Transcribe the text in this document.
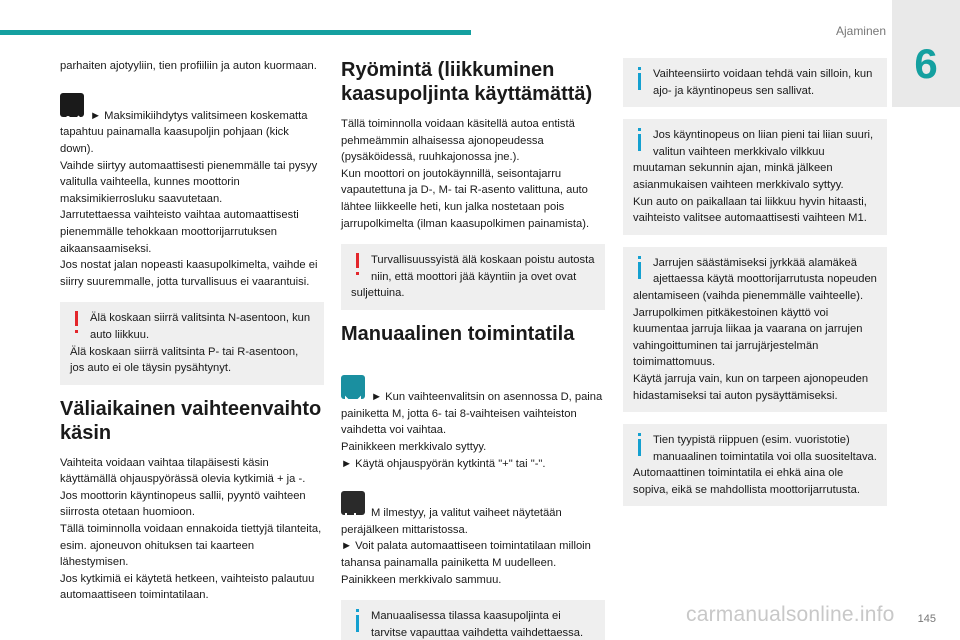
Ajaminen
6
parhaiten ajotyyliin, tien profiiliin ja auton kuormaan.

► Maksimikiihdytys valitsimeen koskematta tapahtuu painamalla kaasupoljin pohjaan (kick down).
Vaihde siirtyy automaattisesti pienemmälle tai pysyy valitulla vaihteella, kunnes moottorin maksimikierrosluku saavutetaan.
Jarrutettaessa vaihteisto vaihtaa automaattisesti pienemmälle tehokkaan moottorijarrutuksen aikaansaamiseksi.
Jos nostat jalan nopeasti kaasupolkimelta, vaihde ei siirry suuremmalle, jotta turvallisuus ei vaarantuisi.

Älä koskaan siirrä valitsinta N-asentoon, kun auto liikkuu.
Älä koskaan siirrä valitsinta P- tai R-asentoon, jos auto ei ole täysin pysähtynyt.
Väliaikainen vaihteenvaihto käsin
Vaihteita voidaan vaihtaa tilapäisesti käsin käyttämällä ohjauspyörässä olevia kytkimiä + ja -. Jos moottorin käyntinopeus sallii, pyyntö vaihteen siirrosta otetaan huomioon.
Tällä toiminnolla voidaan ennakoida tiettyjä tilanteita, esim. ajoneuvon ohituksen tai kaarteen lähestymisen.
Jos kytkimiä ei käytetä hetkeen, vaihteisto palautuu automaattiseen toimintatilaan.
Ryömintä (liikkuminen kaasupoljinta käyttämättä)
Tällä toiminnolla voidaan käsitellä autoa entistä pehmeämmin alhaisessa ajonopeudessa (pysäköidessä, ruuhkajonossa jne.).
Kun moottori on joutokäynnillä, seisontajarru vapautettuna ja D-, M- tai R-asento valittuna, auto lähtee liikkeelle heti, kun jalka nostetaan pois jarrupolkimelta (ilman kaasupolkimen painamista).
Turvallisuussyistä älä koskaan poistu autosta niin, että moottori jää käyntiin ja ovet ovat suljettuina.
Manuaalinen toimintatila

► Kun vaihteenvalitsin on asennossa D, paina painiketta M, jotta 6- tai 8-vaihteisen vaihteiston vaihdetta voi vaihtaa.
Painikkeen merkkivalo syttyy.
► Käytä ohjauspyörän kytkintä "+" tai "-".

M ilmestyy, ja valitut vaiheet näytetään peräjälkeen mittaristossa.
► Voit palata automaattiseen toimintatilaan milloin tahansa painamalla painiketta M uudelleen.
Painikkeen merkkivalo sammuu.

Manuaalisessa tilassa kaasupoljinta ei tarvitse vapauttaa vaihdetta vaihdettaessa.
Vaihteensiirto voidaan tehdä vain silloin, kun ajo- ja käyntinopeus sen sallivat.
Jos käyntinopeus on liian pieni tai liian suuri, valitun vaihteen merkkivalo vilkkuu muutaman sekunnin ajan, minkä jälkeen asianmukaisen vaihteen merkkivalo syttyy.
Kun auto on paikallaan tai liikkuu hyvin hitaasti, vaihteisto valitsee automaattisesti vaihteen M1.
Jarrujen säästämiseksi jyrkkää alamäkeä ajettaessa käytä moottorijarrutusta nopeuden alentamiseen (vaihda pienemmälle vaihteelle).
Jarrupolkimen pitkäkestoinen käyttö voi kuumentaa jarruja liikaa ja vaarana on jarrujen vahingoittuminen tai jarrujärjestelmän toimimattomuus.
Käytä jarruja vain, kun on tarpeen ajonopeuden hidastamiseksi tai auton pysäyttämiseksi.
Tien tyypistä riippuen (esim. vuoristotie) manuaalinen toimintatila voi olla suositeltava.
Automaattinen toimintatila ei ehkä aina ole sopiva, eikä se mahdollista moottorijarrutusta.
carmanualsonline.info 145
